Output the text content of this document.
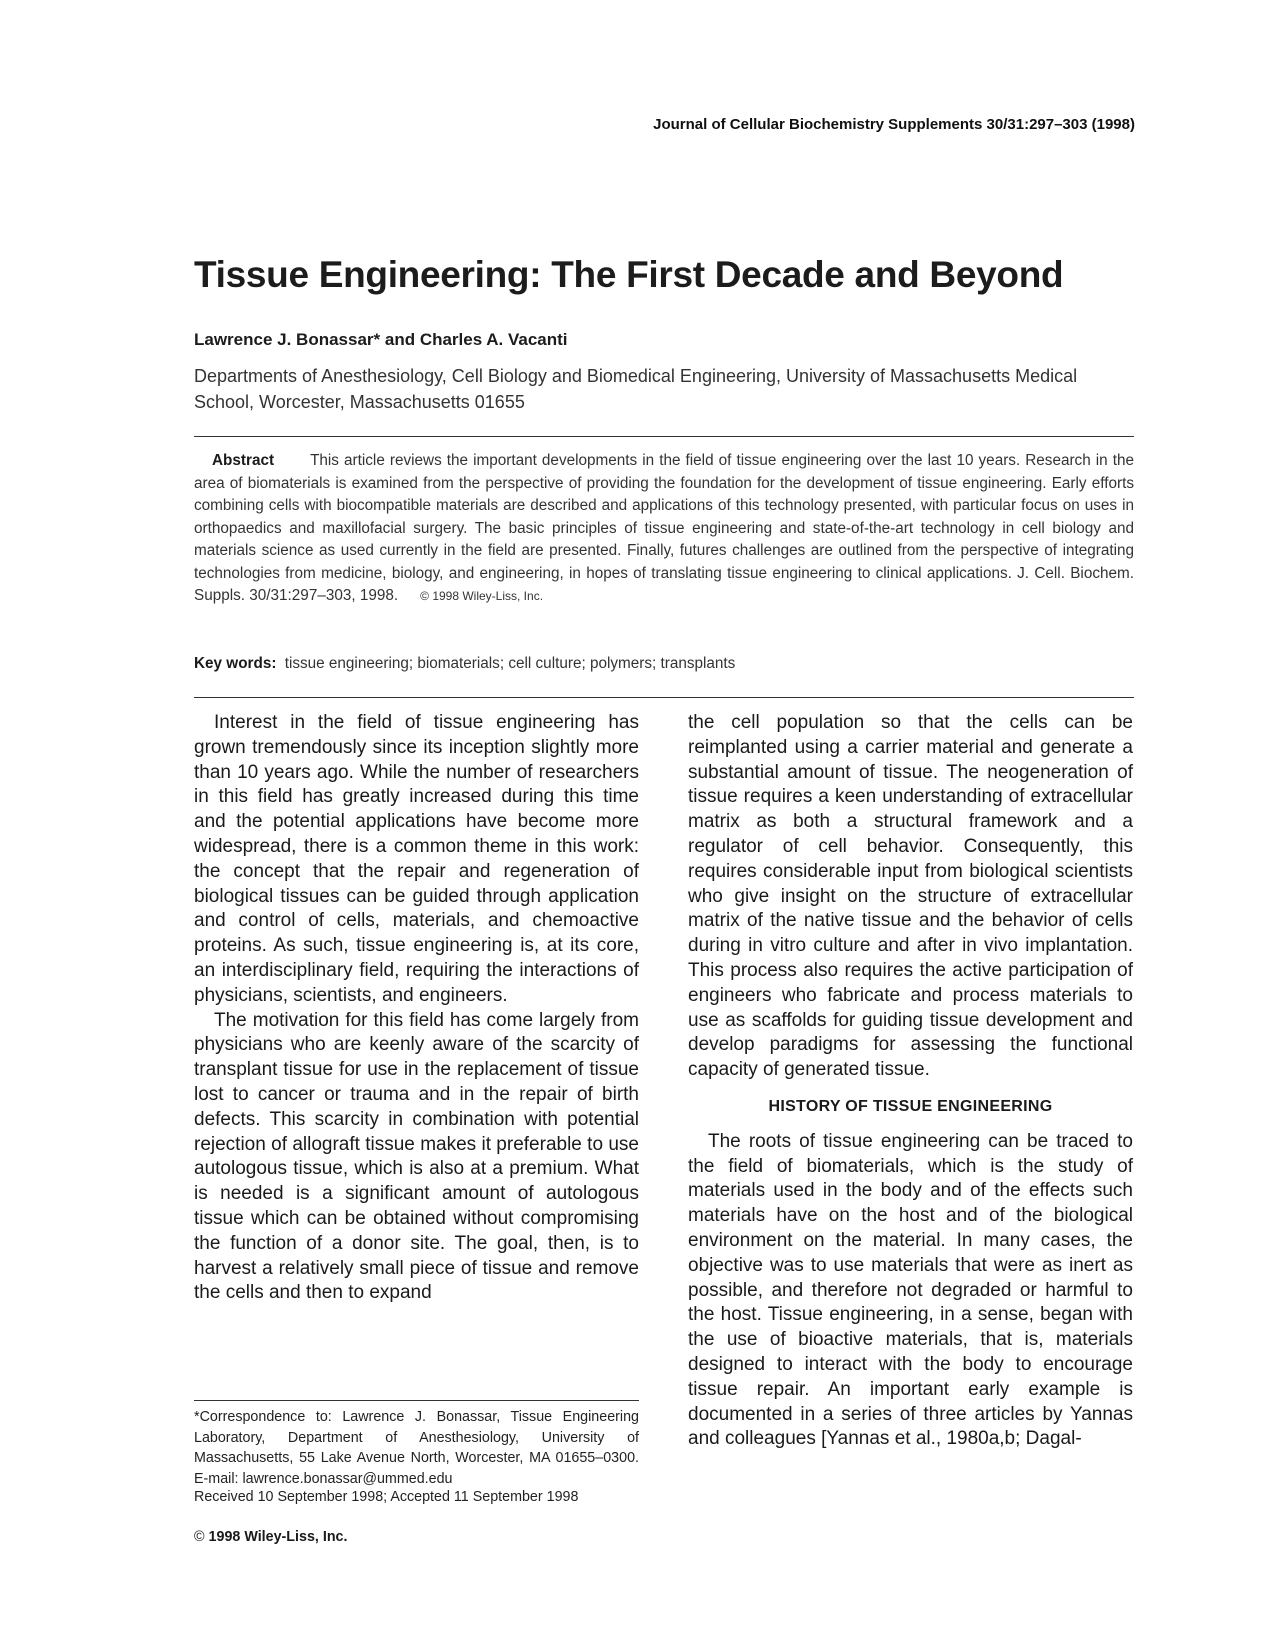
Journal of Cellular Biochemistry Supplements 30/31:297–303 (1998)
Tissue Engineering: The First Decade and Beyond
Lawrence J. Bonassar* and Charles A. Vacanti
Departments of Anesthesiology, Cell Biology and Biomedical Engineering, University of Massachusetts Medical School, Worcester, Massachusetts 01655
Abstract This article reviews the important developments in the field of tissue engineering over the last 10 years. Research in the area of biomaterials is examined from the perspective of providing the foundation for the development of tissue engineering. Early efforts combining cells with biocompatible materials are described and applications of this technology presented, with particular focus on uses in orthopaedics and maxillofacial surgery. The basic principles of tissue engineering and state-of-the-art technology in cell biology and materials science as used currently in the field are presented. Finally, futures challenges are outlined from the perspective of integrating technologies from medicine, biology, and engineering, in hopes of translating tissue engineering to clinical applications. J. Cell. Biochem. Suppls. 30/31:297–303, 1998. © 1998 Wiley-Liss, Inc.
Key words: tissue engineering; biomaterials; cell culture; polymers; transplants

Interest in the field of tissue engineering has grown tremendously since its inception slightly more than 10 years ago. While the number of researchers in this field has greatly increased during this time and the potential applications have become more widespread, there is a common theme in this work: the concept that the repair and regeneration of biological tissues can be guided through application and control of cells, materials, and chemoactive proteins. As such, tissue engineering is, at its core, an interdisciplinary field, requiring the interactions of physicians, scientists, and engineers.

The motivation for this field has come largely from physicians who are keenly aware of the scarcity of transplant tissue for use in the replacement of tissue lost to cancer or trauma and in the repair of birth defects. This scarcity in combination with potential rejection of allograft tissue makes it preferable to use autologous tissue, which is also at a premium. What is needed is a significant amount of autologous tissue which can be obtained without compromising the function of a donor site. The goal, then, is to harvest a relatively small piece of tissue and remove the cells and then to expand

the cell population so that the cells can be reimplanted using a carrier material and generate a substantial amount of tissue. The neogeneration of tissue requires a keen understanding of extracellular matrix as both a structural framework and a regulator of cell behavior. Consequently, this requires considerable input from biological scientists who give insight on the structure of extracellular matrix of the native tissue and the behavior of cells during in vitro culture and after in vivo implantation. This process also requires the active participation of engineers who fabricate and process materials to use as scaffolds for guiding tissue development and develop paradigms for assessing the functional capacity of generated tissue.

HISTORY OF TISSUE ENGINEERING

The roots of tissue engineering can be traced to the field of biomaterials, which is the study of materials used in the body and of the effects such materials have on the host and of the biological environment on the material. In many cases, the objective was to use materials that were as inert as possible, and therefore not degraded or harmful to the host. Tissue engineering, in a sense, began with the use of bioactive materials, that is, materials designed to interact with the body to encourage tissue repair. An important early example is documented in a series of three articles by Yannas and colleagues [Yannas et al., 1980a,b; Dagal-

*Correspondence to: Lawrence J. Bonassar, Tissue Engineering Laboratory, Department of Anesthesiology, University of Massachusetts, 55 Lake Avenue North, Worcester, MA 01655–0300. E-mail: lawrence.bonassar@ummed.edu
Received 10 September 1998; Accepted 11 September 1998
© 1998 Wiley-Liss, Inc.
